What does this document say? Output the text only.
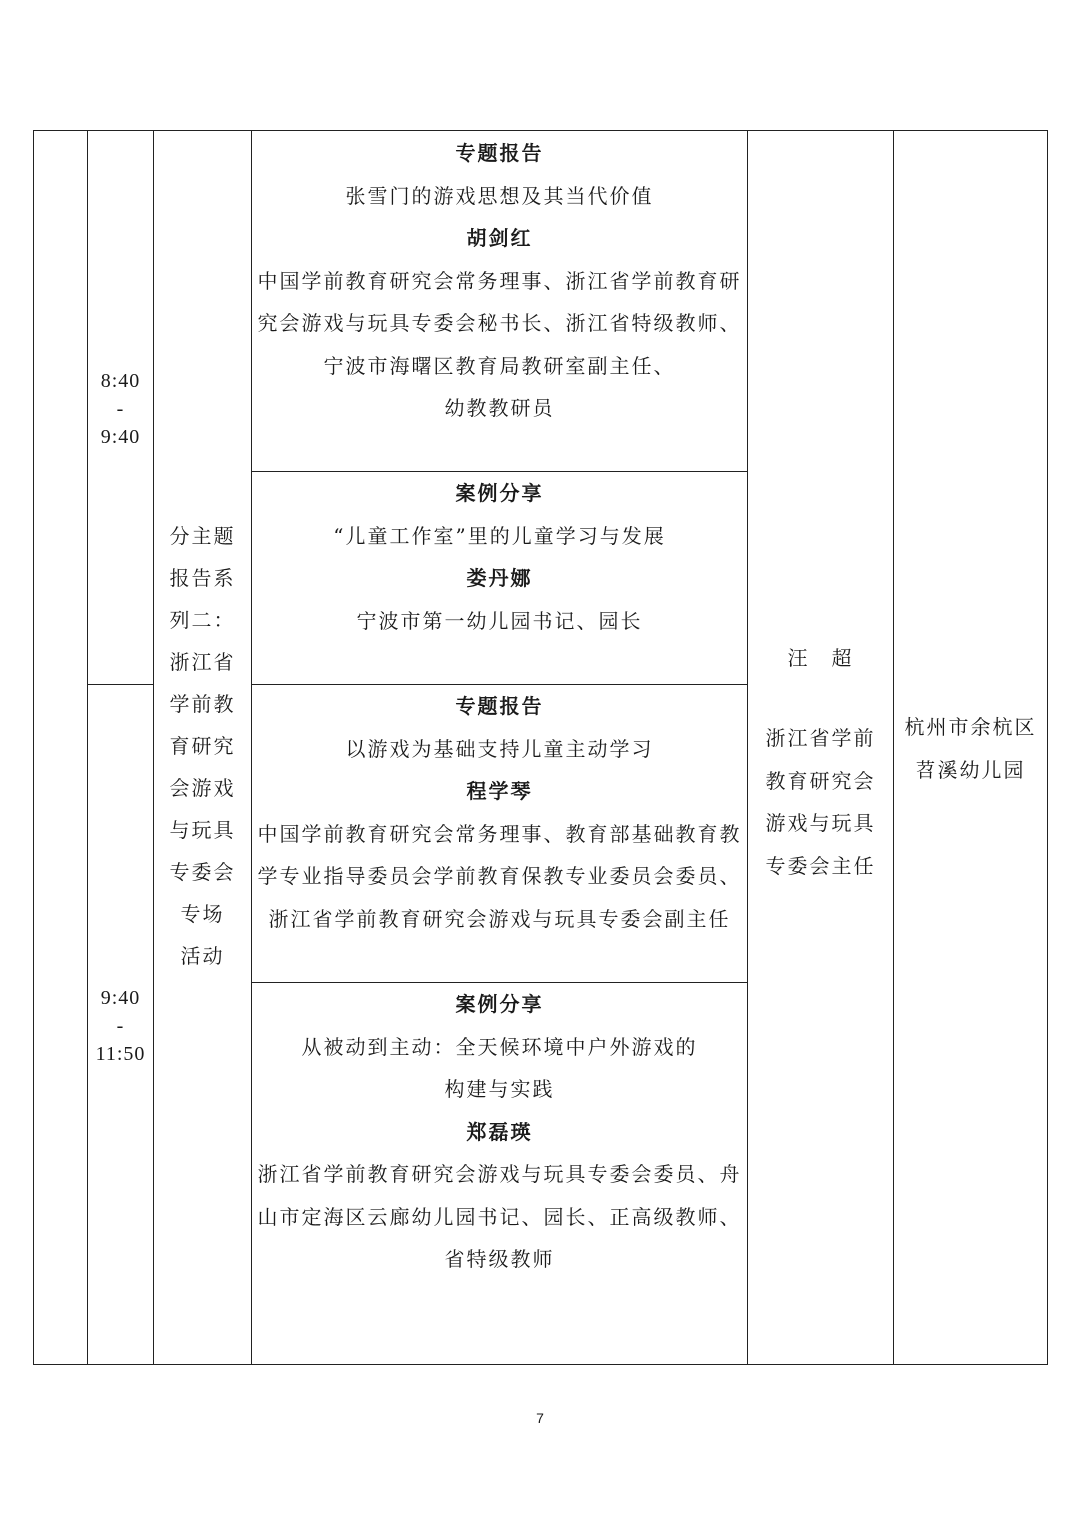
8:40
-
9:40
9:40
-
11:50
分主题
报告系
列二：
浙江省
学前教
育研究
会游戏
与玩具
专委会
专场
活动
专题报告
张雪门的游戏思想及其当代价值
胡剑红
中国学前教育研究会常务理事、浙江省学前教育研
究会游戏与玩具专委会秘书长、浙江省特级教师、
宁波市海曙区教育局教研室副主任、
幼教教研员
案例分享
“儿童工作室”里的儿童学习与发展
娄丹娜
宁波市第一幼儿园书记、园长
专题报告
以游戏为基础支持儿童主动学习
程学琴
中国学前教育研究会常务理事、教育部基础教育教
学专业指导委员会学前教育保教专业委员会委员、
浙江省学前教育研究会游戏与玩具专委会副主任
案例分享
从被动到主动：全天候环境中户外游戏的
构建与实践
郑磊瑛
浙江省学前教育研究会游戏与玩具专委会委员、舟
山市定海区云廊幼儿园书记、园长、正高级教师、
省特级教师
汪　超
浙江省学前
教育研究会
游戏与玩具
专委会主任
杭州市余杭区
苕溪幼儿园
7
